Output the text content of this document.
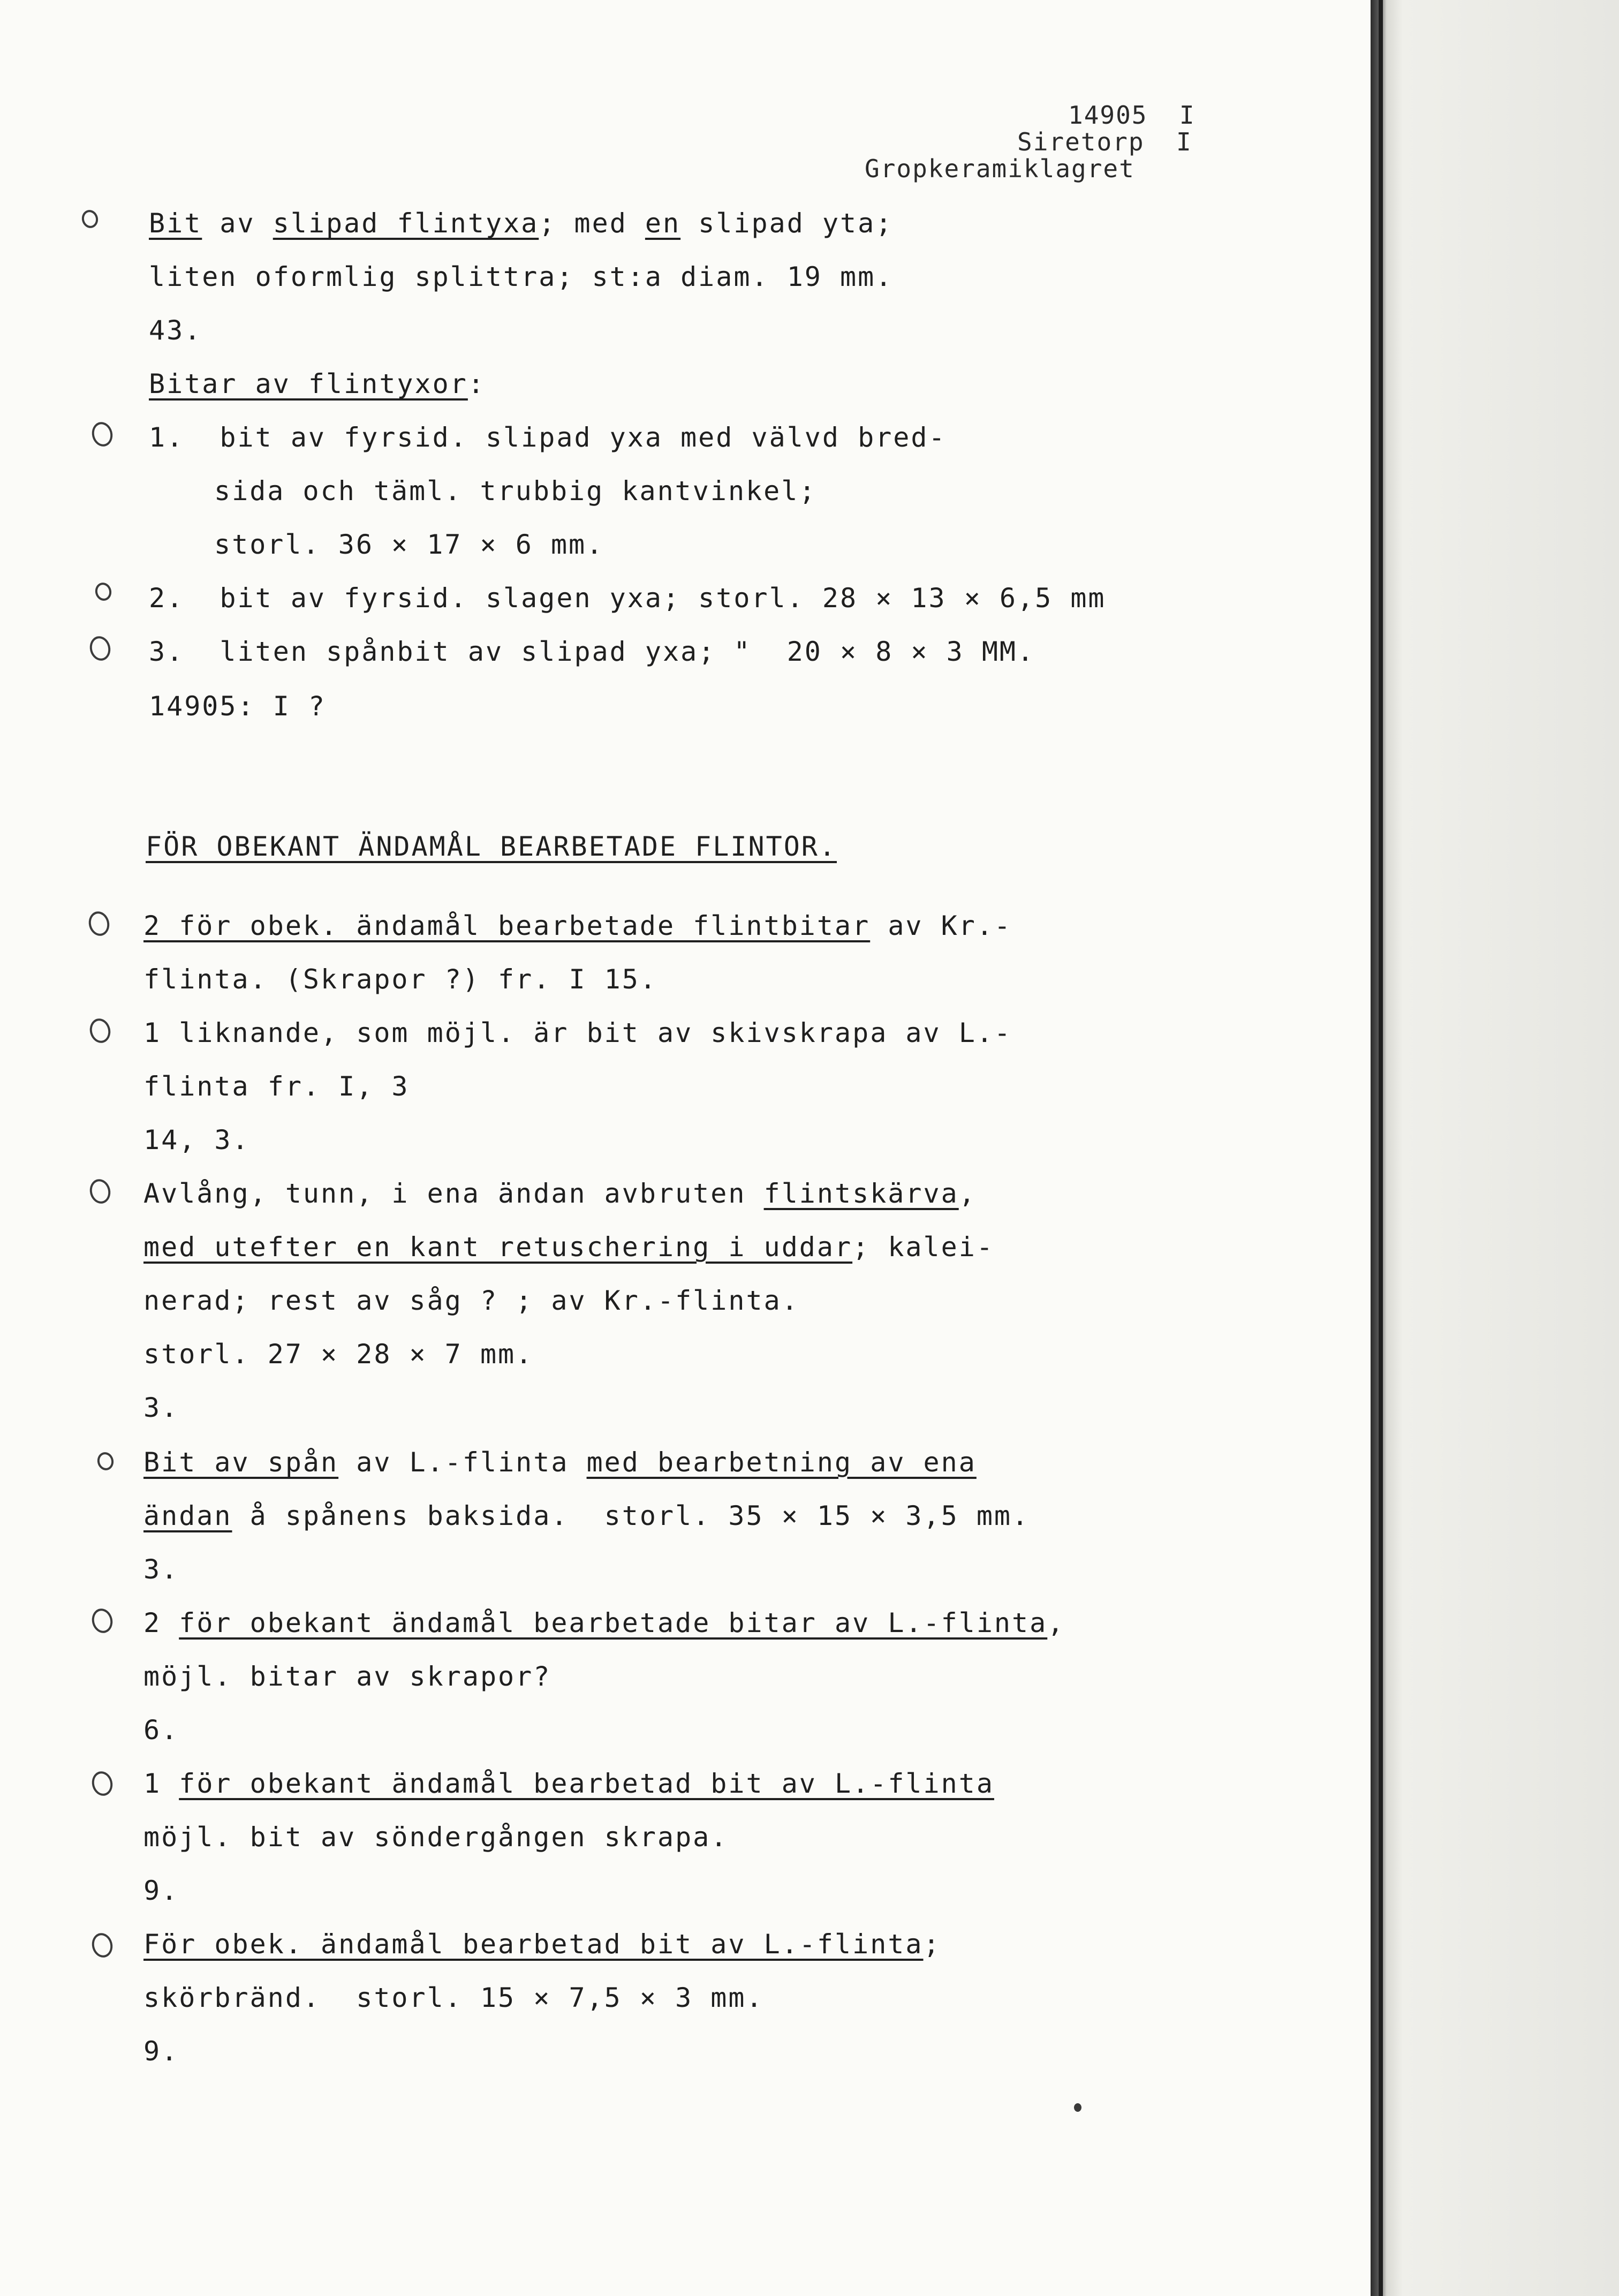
14905  I
Siretorp  I
Gropkeramiklagret
Bit av slipad flintyxa; med en slipad yta;
liten oformlig splittra; st:a diam. 19 mm.
43.
Bitar av flintyxor:
1.  bit av fyrsid. slipad yxa med välvd bred-
sida och täml. trubbig kantvinkel;
storl. 36 × 17 × 6 mm.
2.  bit av fyrsid. slagen yxa; storl. 28 × 13 × 6,5 mm
3.  liten spånbit av slipad yxa; "  20 × 8 × 3 MM.
14905: I ?
FÖR OBEKANT ÄNDAMÅL BEARBETADE FLINTOR.
2 för obek. ändamål bearbetade flintbitar av Kr.-
flinta. (Skrapor ?) fr. I 15.
1 liknande, som möjl. är bit av skivskrapa av L.-
flinta fr. I, 3
14, 3.
Avlång, tunn, i ena ändan avbruten flintskärva,
med utefter en kant retuschering i uddar; kalei-
nerad; rest av såg ? ; av Kr.-flinta.
storl. 27 × 28 × 7 mm.
3.
Bit av spån av L.-flinta med bearbetning av ena
ändan å spånens baksida.  storl. 35 × 15 × 3,5 mm.
3.
2 för obekant ändamål bearbetade bitar av L.-flinta,
möjl. bitar av skrapor?
6.
1 för obekant ändamål bearbetad bit av L.-flinta
möjl. bit av söndergången skrapa.
9.
För obek. ändamål bearbetad bit av L.-flinta;
skörbränd.  storl. 15 × 7,5 × 3 mm.
9.
